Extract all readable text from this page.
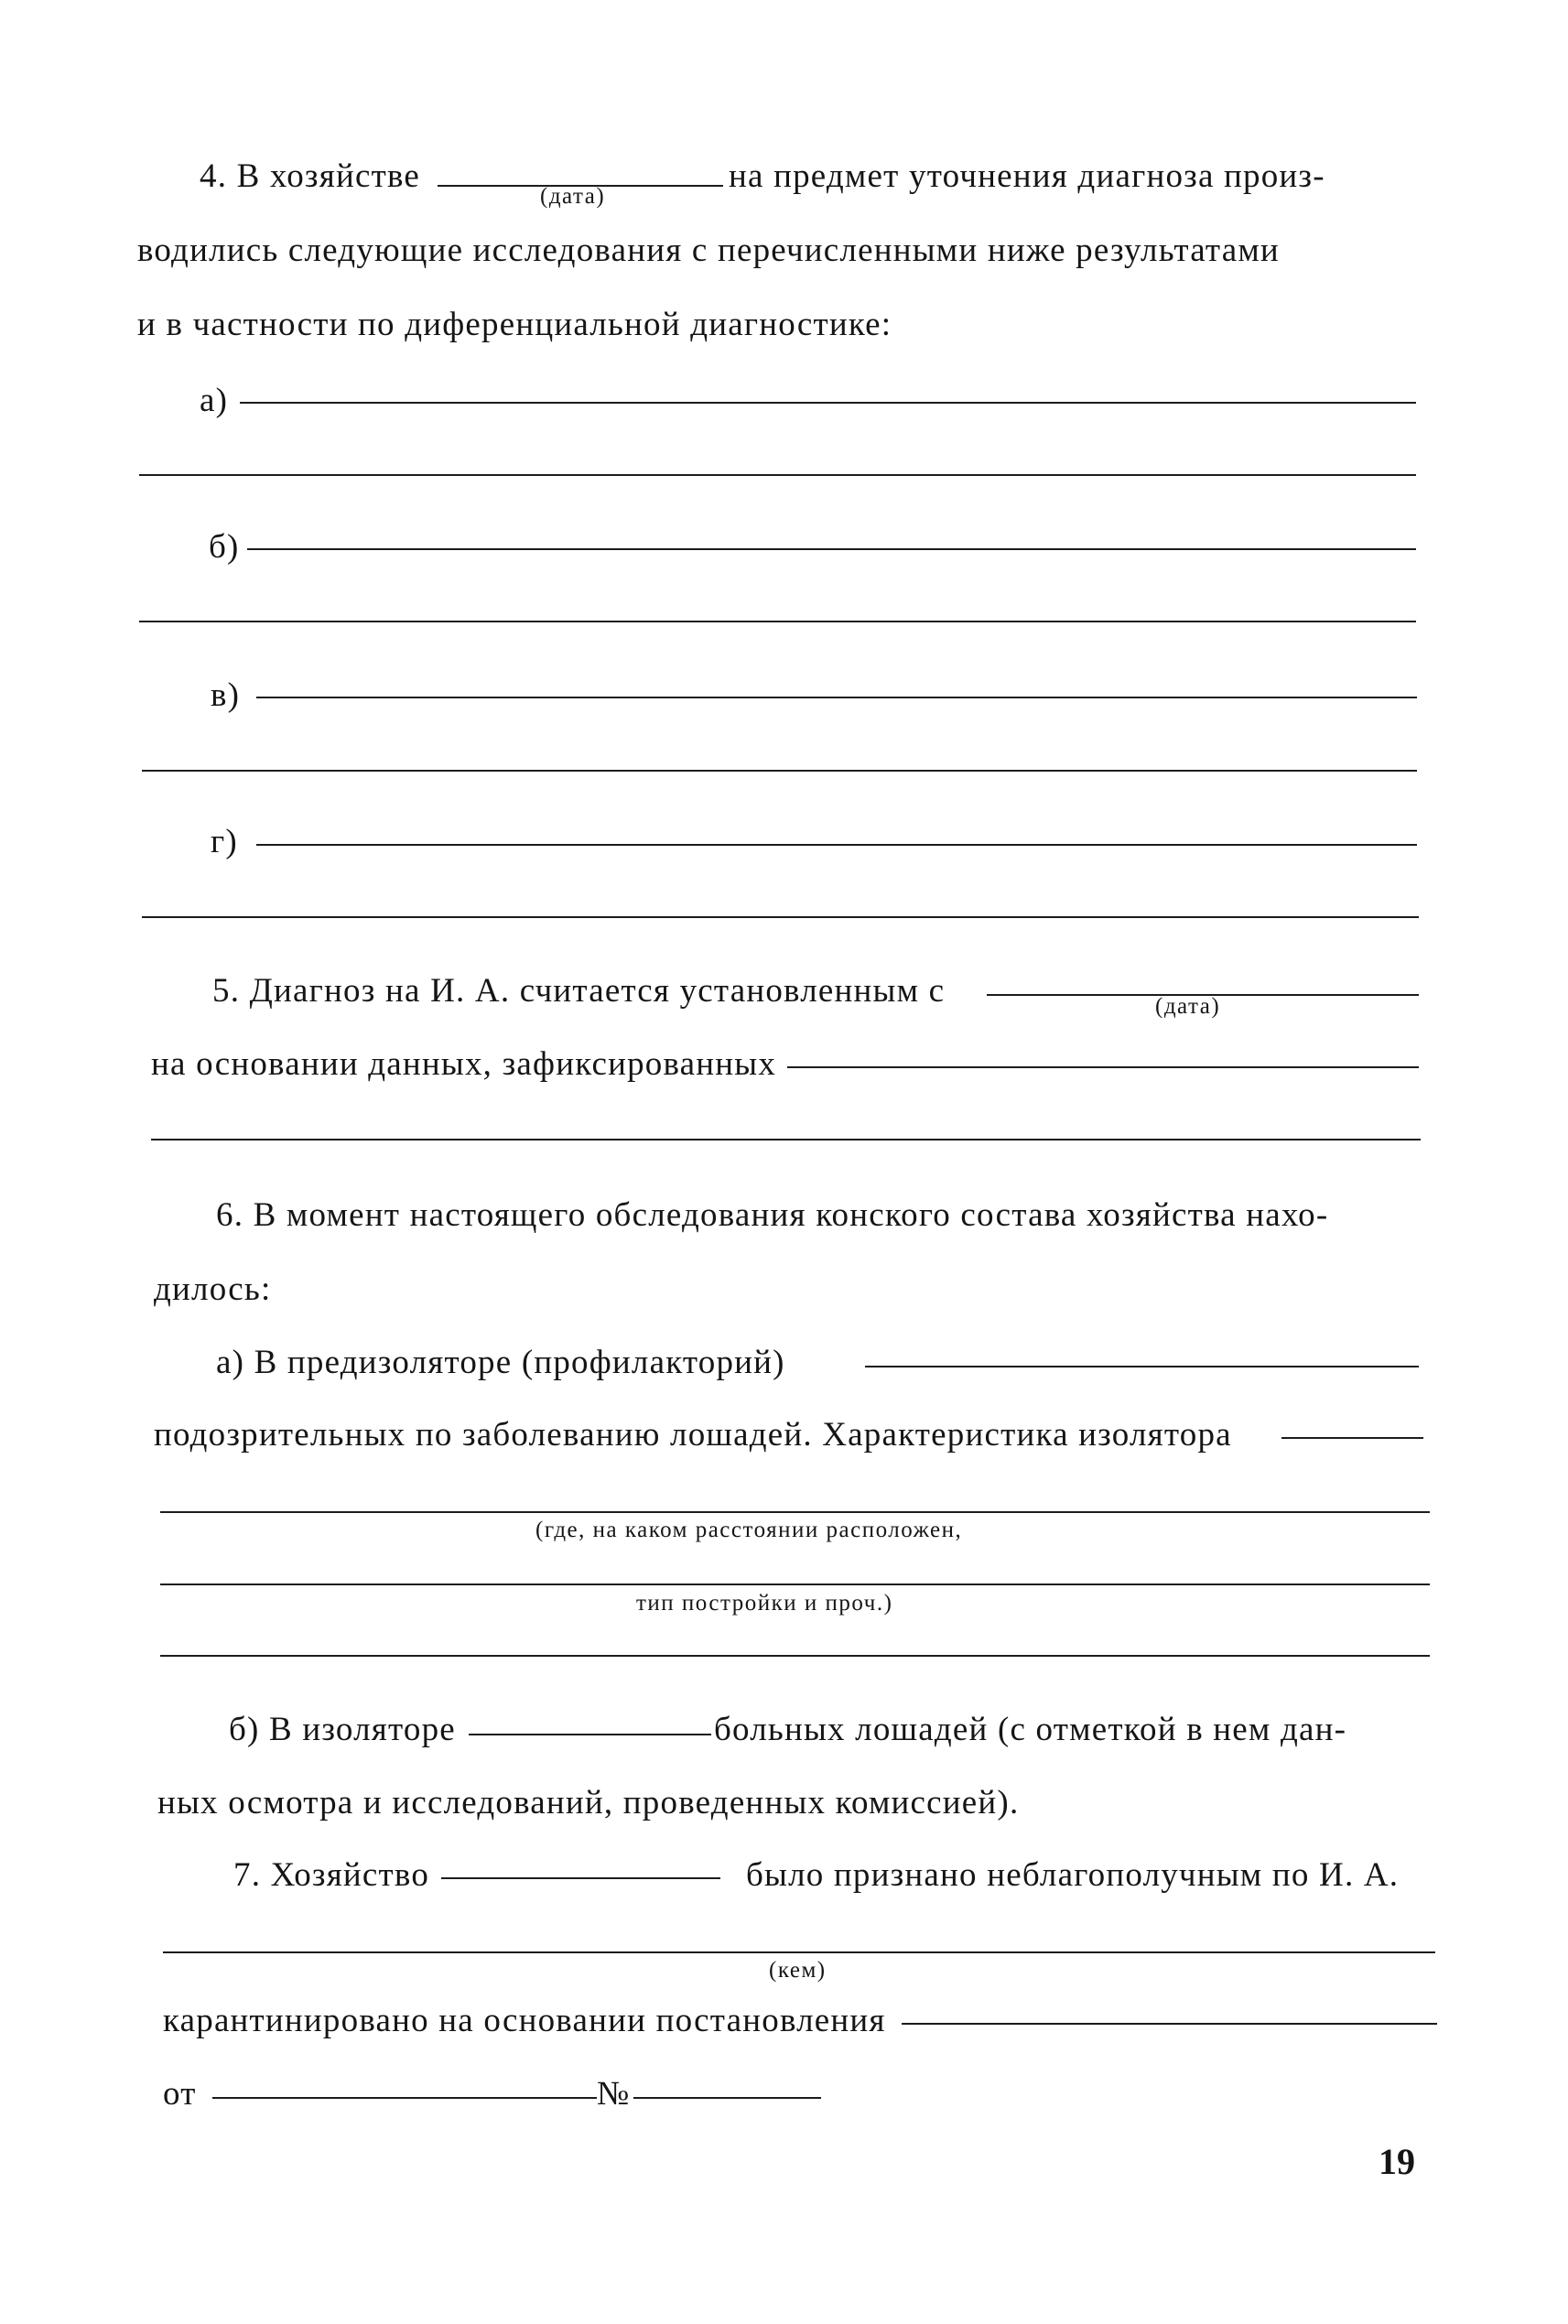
4. В хозяйстве
(дата)
на предмет уточнения диагноза произ-
водились следующие исследования с перечисленными ниже результатами
и в частности по диференциальной диагностике:
а)
б)
в)
г)
5. Диагноз на И. А. считается установленным с	(дата)
на основании данных, зафиксированных
6. В момент настоящего обследования конского состава хозяйства нахо-
дилось:
а) В предизоляторе (профилакторий)
подозрительных по заболеванию лошадей. Характеристика изолятора
(где, на каком расстоянии расположен,
тип постройки и проч.)
б) В изоляторе	больных лошадей (с отметкой в нем дан-
ных осмотра и исследований, проведенных комиссией).
7. Хозяйство	было признано неблагополучным по И. А.
(кем)
карантинировано на основании постановления
от	№
19
